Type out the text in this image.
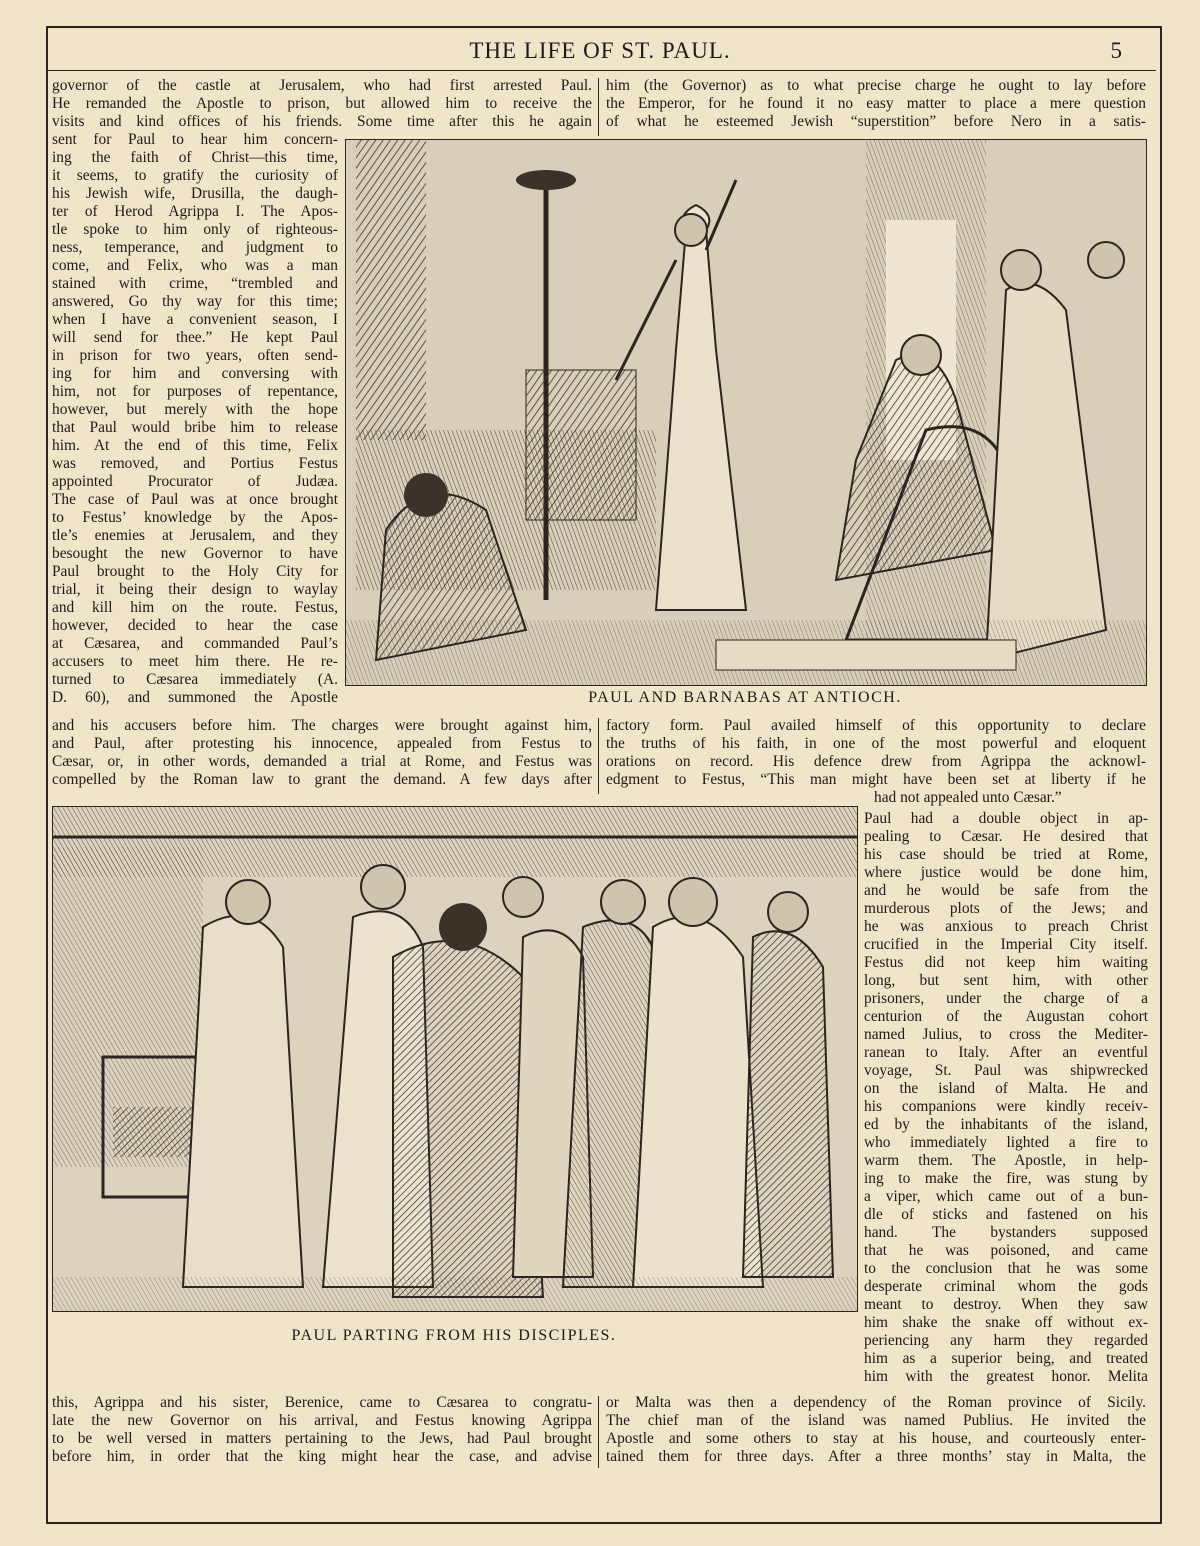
THE LIFE OF ST. PAUL.	5
governor of the castle at Jerusalem, who had first arrested Paul.
He remanded the Apostle to prison, but allowed him to receive the
visits and kind offices of his friends. Some time after this he again
him (the Governor) as to what precise charge he ought to lay before
the Emperor, for he found it no easy matter to place a mere question
of what he esteemed Jewish “superstition” before Nero in a satis-
sent for Paul to hear him concern-
ing the faith of Christ—this time,
it seems, to gratify the curiosity of
his Jewish wife, Drusilla, the daugh-
ter of Herod Agrippa I. The Apos-
tle spoke to him only of righteous-
ness, temperance, and judgment to
come, and Felix, who was a man
stained with crime, “trembled and
answered, Go thy way for this time;
when I have a convenient season, I
will send for thee.” He kept Paul
in prison for two years, often send-
ing for him and conversing with
him, not for purposes of repentance,
however, but merely with the hope
that Paul would bribe him to release
him. At the end of this time, Felix
was removed, and Portius Festus
appointed Procurator of Judæa.
The case of Paul was at once brought
to Festus’ knowledge by the Apos-
tle’s enemies at Jerusalem, and they
besought the new Governor to have
Paul brought to the Holy City for
trial, it being their design to waylay
and kill him on the route. Festus,
however, decided to hear the case
at Cæsarea, and commanded Paul’s
accusers to meet him there. He re-
turned to Cæsarea immediately (A.
D. 60), and summoned the Apostle	PAUL AND BARNABAS AT ANTIOCH.
and his accusers before him. The charges were brought against him,
and Paul, after protesting his innocence, appealed from Festus to
Cæsar, or, in other words, demanded a trial at Rome, and Festus was
compelled by the Roman law to grant the demand. A few days after
factory form. Paul availed himself of this opportunity to declare
the truths of his faith, in one of the most powerful and eloquent
orations on record. His defence drew from Agrippa the acknowl-
edgment to Festus, “This man might have been set at liberty if he
had not appealed unto Cæsar.”
PAUL PARTING FROM HIS DISCIPLES.
Paul had a double object in ap-
pealing to Cæsar. He desired that
his case should be tried at Rome,
where justice would be done him,
and he would be safe from the
murderous plots of the Jews; and
he was anxious to preach Christ
crucified in the Imperial City itself.
Festus did not keep him waiting
long, but sent him, with other
prisoners, under the charge of a
centurion of the Augustan cohort
named Julius, to cross the Mediter-
ranean to Italy. After an eventful
voyage, St. Paul was shipwrecked
on the island of Malta. He and
his companions were kindly receiv-
ed by the inhabitants of the island,
who immediately lighted a fire to
warm them. The Apostle, in help-
ing to make the fire, was stung by
a viper, which came out of a bun-
dle of sticks and fastened on his
hand. The bystanders supposed
that he was poisoned, and came
to the conclusion that he was some
desperate criminal whom the gods
meant to destroy. When they saw
him shake the snake off without ex-
periencing any harm they regarded
him as a superior being, and treated
him with the greatest honor. Melita
this, Agrippa and his sister, Berenice, came to Cæsarea to congratu-
late the new Governor on his arrival, and Festus knowing Agrippa
to be well versed in matters pertaining to the Jews, had Paul brought
before him, in order that the king might hear the case, and advise
or Malta was then a dependency of the Roman province of Sicily.
The chief man of the island was named Publius. He invited the
Apostle and some others to stay at his house, and courteously enter-
tained them for three days. After a three months’ stay in Malta, the
